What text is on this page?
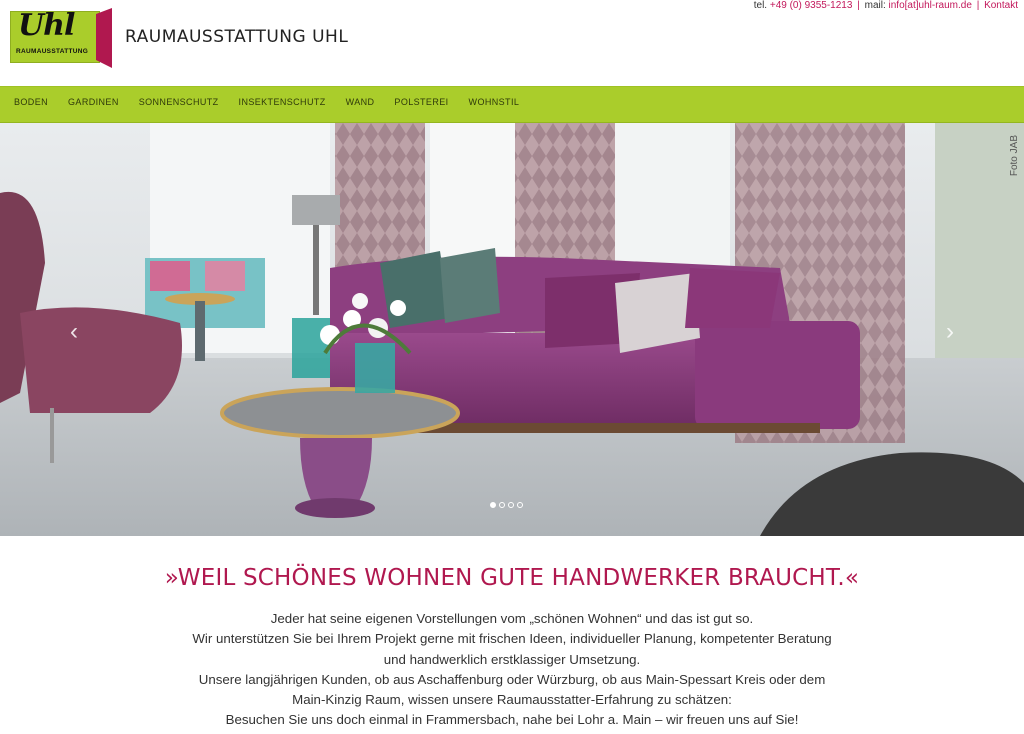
tel. +49 (0) 9355-1213 | mail: info[at]uhl-raum.de | Kontakt
Uhl
RAUMAUSSTATTUNG
RAUMAUSSTATTUNG UHL
BODEN GARDINEN SONNENSCHUTZ INSEKTENSCHUTZ WAND POLSTEREI WOHNSTIL
‹	›
Foto JAB
»WEIL SCHÖNES WOHNEN GUTE HANDWERKER BRAUCHT.«
Jeder hat seine eigenen Vorstellungen vom „schönen Wohnen“ und das ist gut so.
Wir unterstützen Sie bei Ihrem Projekt gerne mit frischen Ideen, individueller Planung, kompetenter Beratung
und handwerklich erstklassiger Umsetzung.
Unsere langjährigen Kunden, ob aus Aschaffenburg oder Würzburg, ob aus Main-Spessart Kreis oder dem
Main-Kinzig Raum, wissen unsere Raumausstatter-Erfahrung zu schätzen:
Besuchen Sie uns doch einmal in Frammersbach, nahe bei Lohr a. Main – wir freuen uns auf Sie!
